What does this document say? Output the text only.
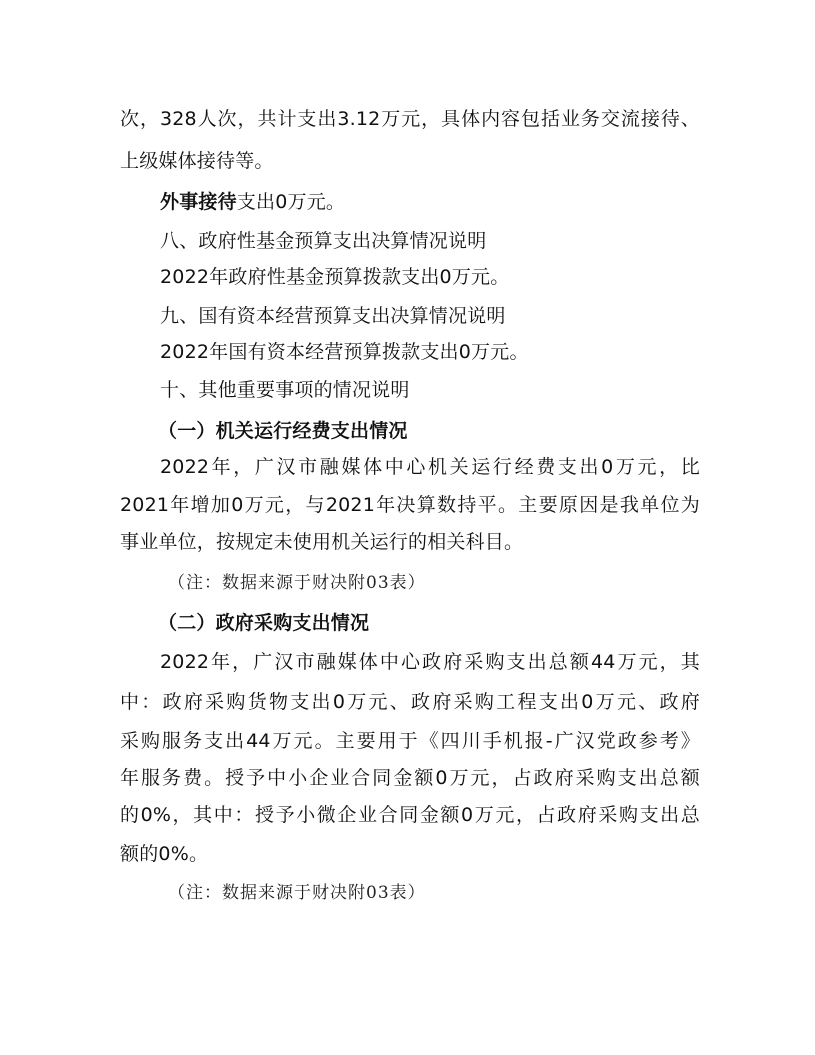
次，328人次，共计支出3.12万元，具体内容包括业务交流接待、
上级媒体接待等。
外事接待支出0万元。
八、政府性基金预算支出决算情况说明
2022年政府性基金预算拨款支出0万元。
九、国有资本经营预算支出决算情况说明
2022年国有资本经营预算拨款支出0万元。
十、其他重要事项的情况说明
（一）机关运行经费支出情况
2022年，广汉市融媒体中心机关运行经费支出0万元，比
2021年增加0万元，与2021年决算数持平。主要原因是我单位为
事业单位，按规定未使用机关运行的相关科目。
（注：数据来源于财决附03表）
（二）政府采购支出情况
2022年，广汉市融媒体中心政府采购支出总额44万元，其
中：政府采购货物支出0万元、政府采购工程支出0万元、政府
采购服务支出44万元。主要用于《四川手机报-广汉党政参考》
年服务费。授予中小企业合同金额0万元，占政府采购支出总额
的0%，其中：授予小微企业合同金额0万元，占政府采购支出总
额的0%。
（注：数据来源于财决附03表）
